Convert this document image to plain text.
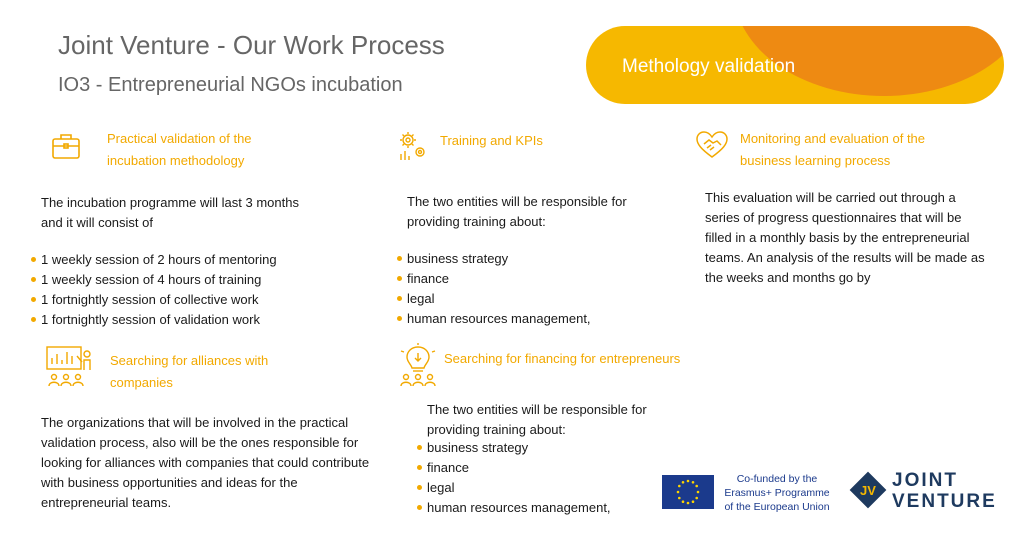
Joint Venture - Our Work Process
IO3 - Entrepreneurial NGOs incubation
Methology validation
Practical validation of the
incubation methodology
The incubation programme will last 3 months
and it will consist of
1 weekly session of 2 hours of mentoring
1 weekly session of 4 hours of training
1 fortnightly session of collective work
1 fortnightly session of validation work
Training and KPIs
The two entities will be responsible for
providing training about:
business strategy
finance
legal
human resources management,
Monitoring and evaluation of the
business learning process
This evaluation will be carried out through a
series of progress questionnaires that will be
filled in a monthly basis by the entrepreneurial
teams. An analysis of the results will be made as
the weeks and months go by
Searching for alliances with
companies
The organizations that will be involved in the practical
validation process, also will be the ones responsible for
looking for alliances with companies that could contribute
with business opportunities and ideas for the
entrepreneurial teams.
Searching for financing for entrepreneurs
The two entities will be responsible for
providing training about:
business strategy
finance
legal
human resources management,
Co-funded by the
Erasmus+ Programme
of the European Union
JV JOINT
VENTURE
